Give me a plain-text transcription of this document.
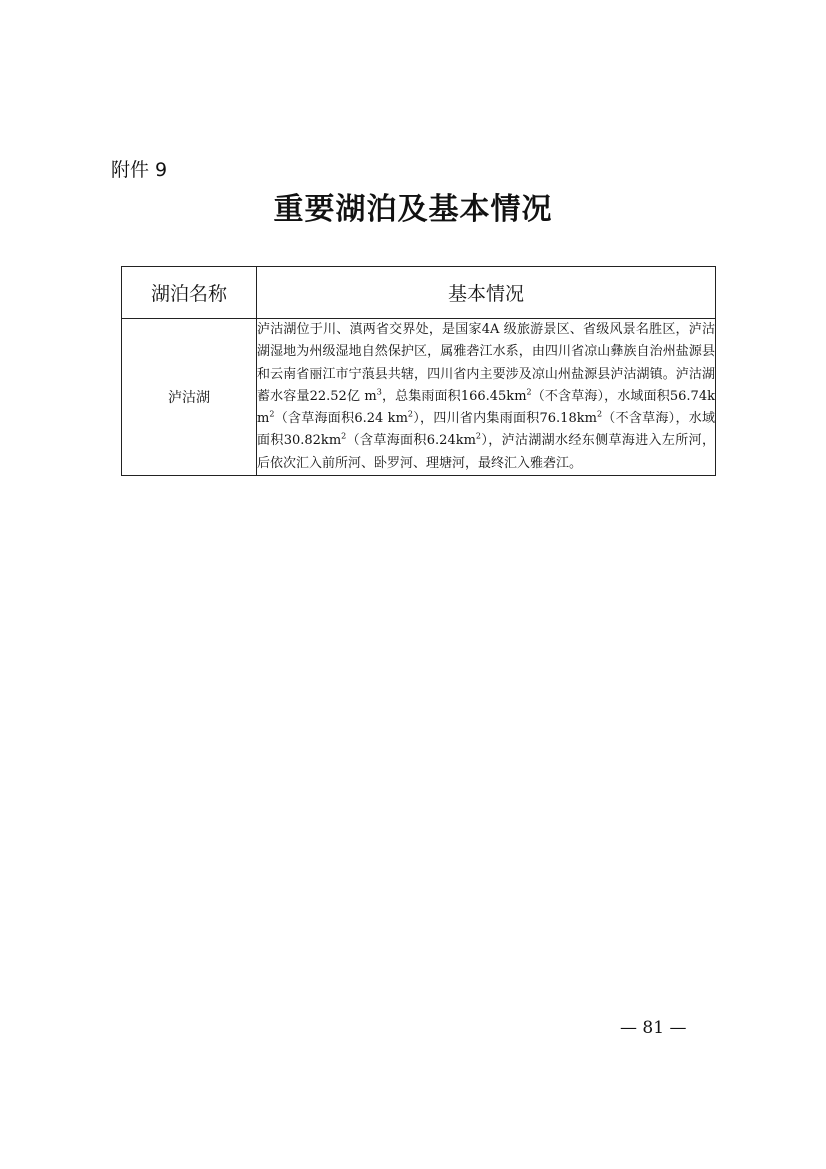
附件 9
重要湖泊及基本情况
湖泊名称	基本情况
泸沽湖	泸沽湖位于川、滇两省交界处，是国家4A 级旅游景区、省级风景名胜区，泸沽湖湿地为州级湿地自然保护区，属雅砻江水系，由四川省凉山彝族自治州盐源县和云南省丽江市宁蒗县共辖，四川省内主要涉及凉山州盐源县泸沽湖镇。泸沽湖蓄水容量22.52亿 $m^3$，总集雨面积$166.45km^2$（不含草海），水域面积$56.74km^2$（含草海面积6.24 $km^2$），四川省内集雨面积$76.18km^2$（不含草海），水域面积$30.82km^2$（含草海面积$6.24km^2$），泸沽湖湖水经东侧草海进入左所河，后依次汇入前所河、卧罗河、理塘河，最终汇入雅砻江。
— 81 —
